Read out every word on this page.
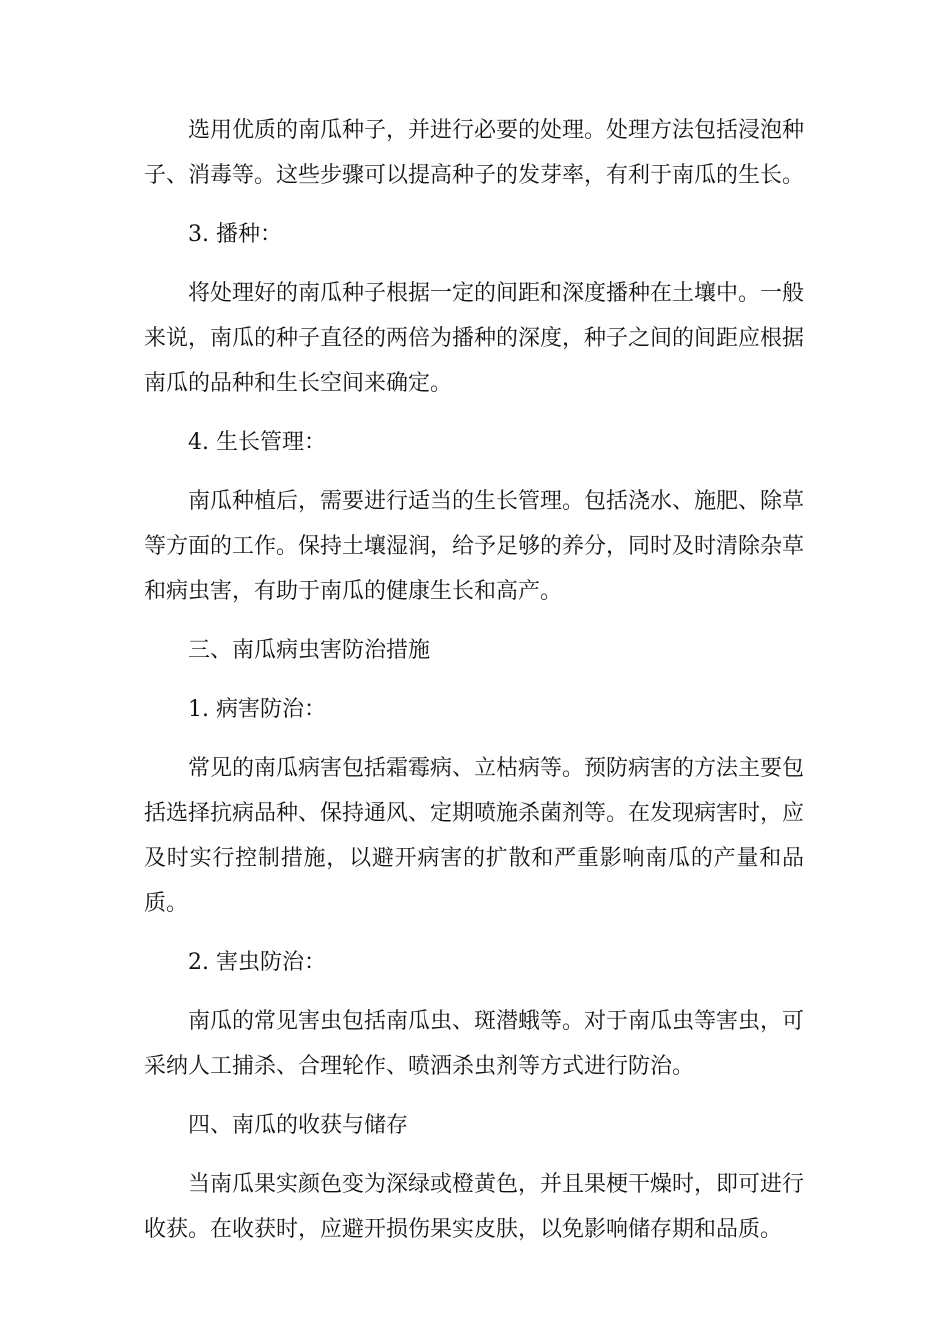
选用优质的南瓜种子，并进行必要的处理。处理方法包括浸泡种子、消毒等。这些步骤可以提高种子的发芽率，有利于南瓜的生长。

3. 播种：

将处理好的南瓜种子根据一定的间距和深度播种在土壤中。一般来说，南瓜的种子直径的两倍为播种的深度，种子之间的间距应根据南瓜的品种和生长空间来确定。

4. 生长管理：

南瓜种植后，需要进行适当的生长管理。包括浇水、施肥、除草等方面的工作。保持土壤湿润，给予足够的养分，同时及时清除杂草和病虫害，有助于南瓜的健康生长和高产。

三、南瓜病虫害防治措施

1. 病害防治：

常见的南瓜病害包括霜霉病、立枯病等。预防病害的方法主要包括选择抗病品种、保持通风、定期喷施杀菌剂等。在发现病害时，应及时实行控制措施，以避开病害的扩散和严重影响南瓜的产量和品质。

2. 害虫防治：

南瓜的常见害虫包括南瓜虫、斑潜蛾等。对于南瓜虫等害虫，可采纳人工捕杀、合理轮作、喷洒杀虫剂等方式进行防治。

四、南瓜的收获与储存

当南瓜果实颜色变为深绿或橙黄色，并且果梗干燥时，即可进行收获。在收获时，应避开损伤果实皮肤，以免影响储存期和品质。
